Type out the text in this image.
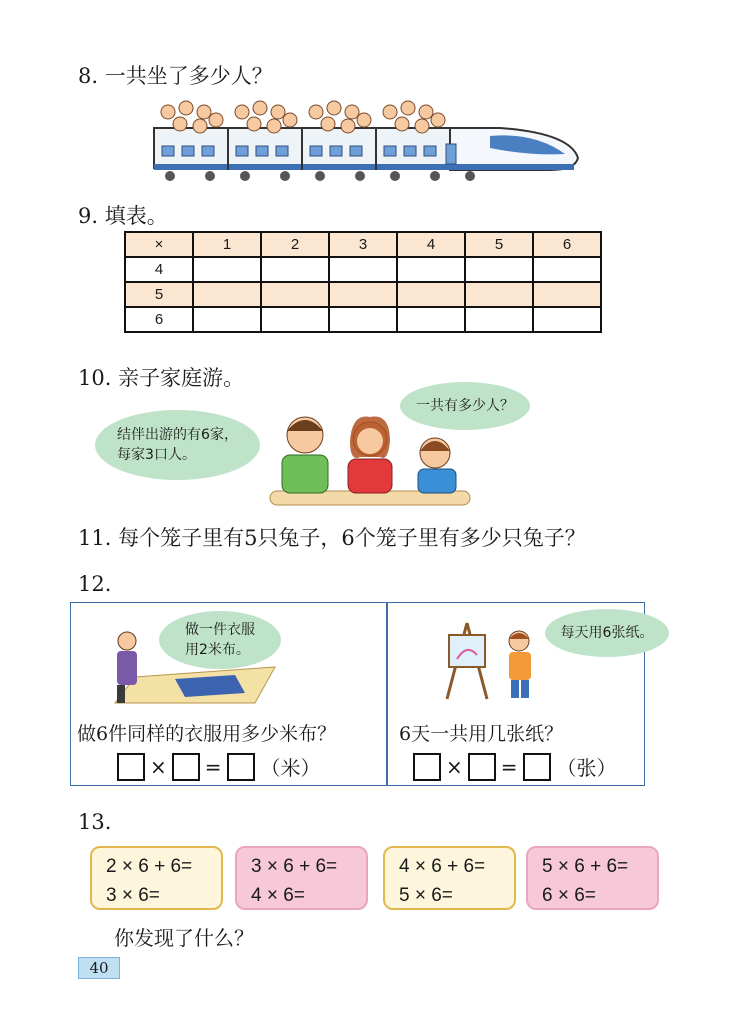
8. 一共坐了多少人？
9. 填表。
×	1	2	3	4	5	6
4						
5						
6						
10. 亲子家庭游。
结伴出游的有6家，
每家3口人。
一共有多少人？
11. 每个笼子里有5只兔子，6个笼子里有多少只兔子？
12.
做一件衣服
用2米布。
做6件同样的衣服用多少米布？
× = （米）
每天用6张纸。
6天一共用几张纸？
× = （张）
13.
2 × 6 + 6=
3 × 6=
3 × 6 + 6=
4 × 6=
4 × 6 + 6=
5 × 6=
5 × 6 + 6=
6 × 6=
你发现了什么？
40
